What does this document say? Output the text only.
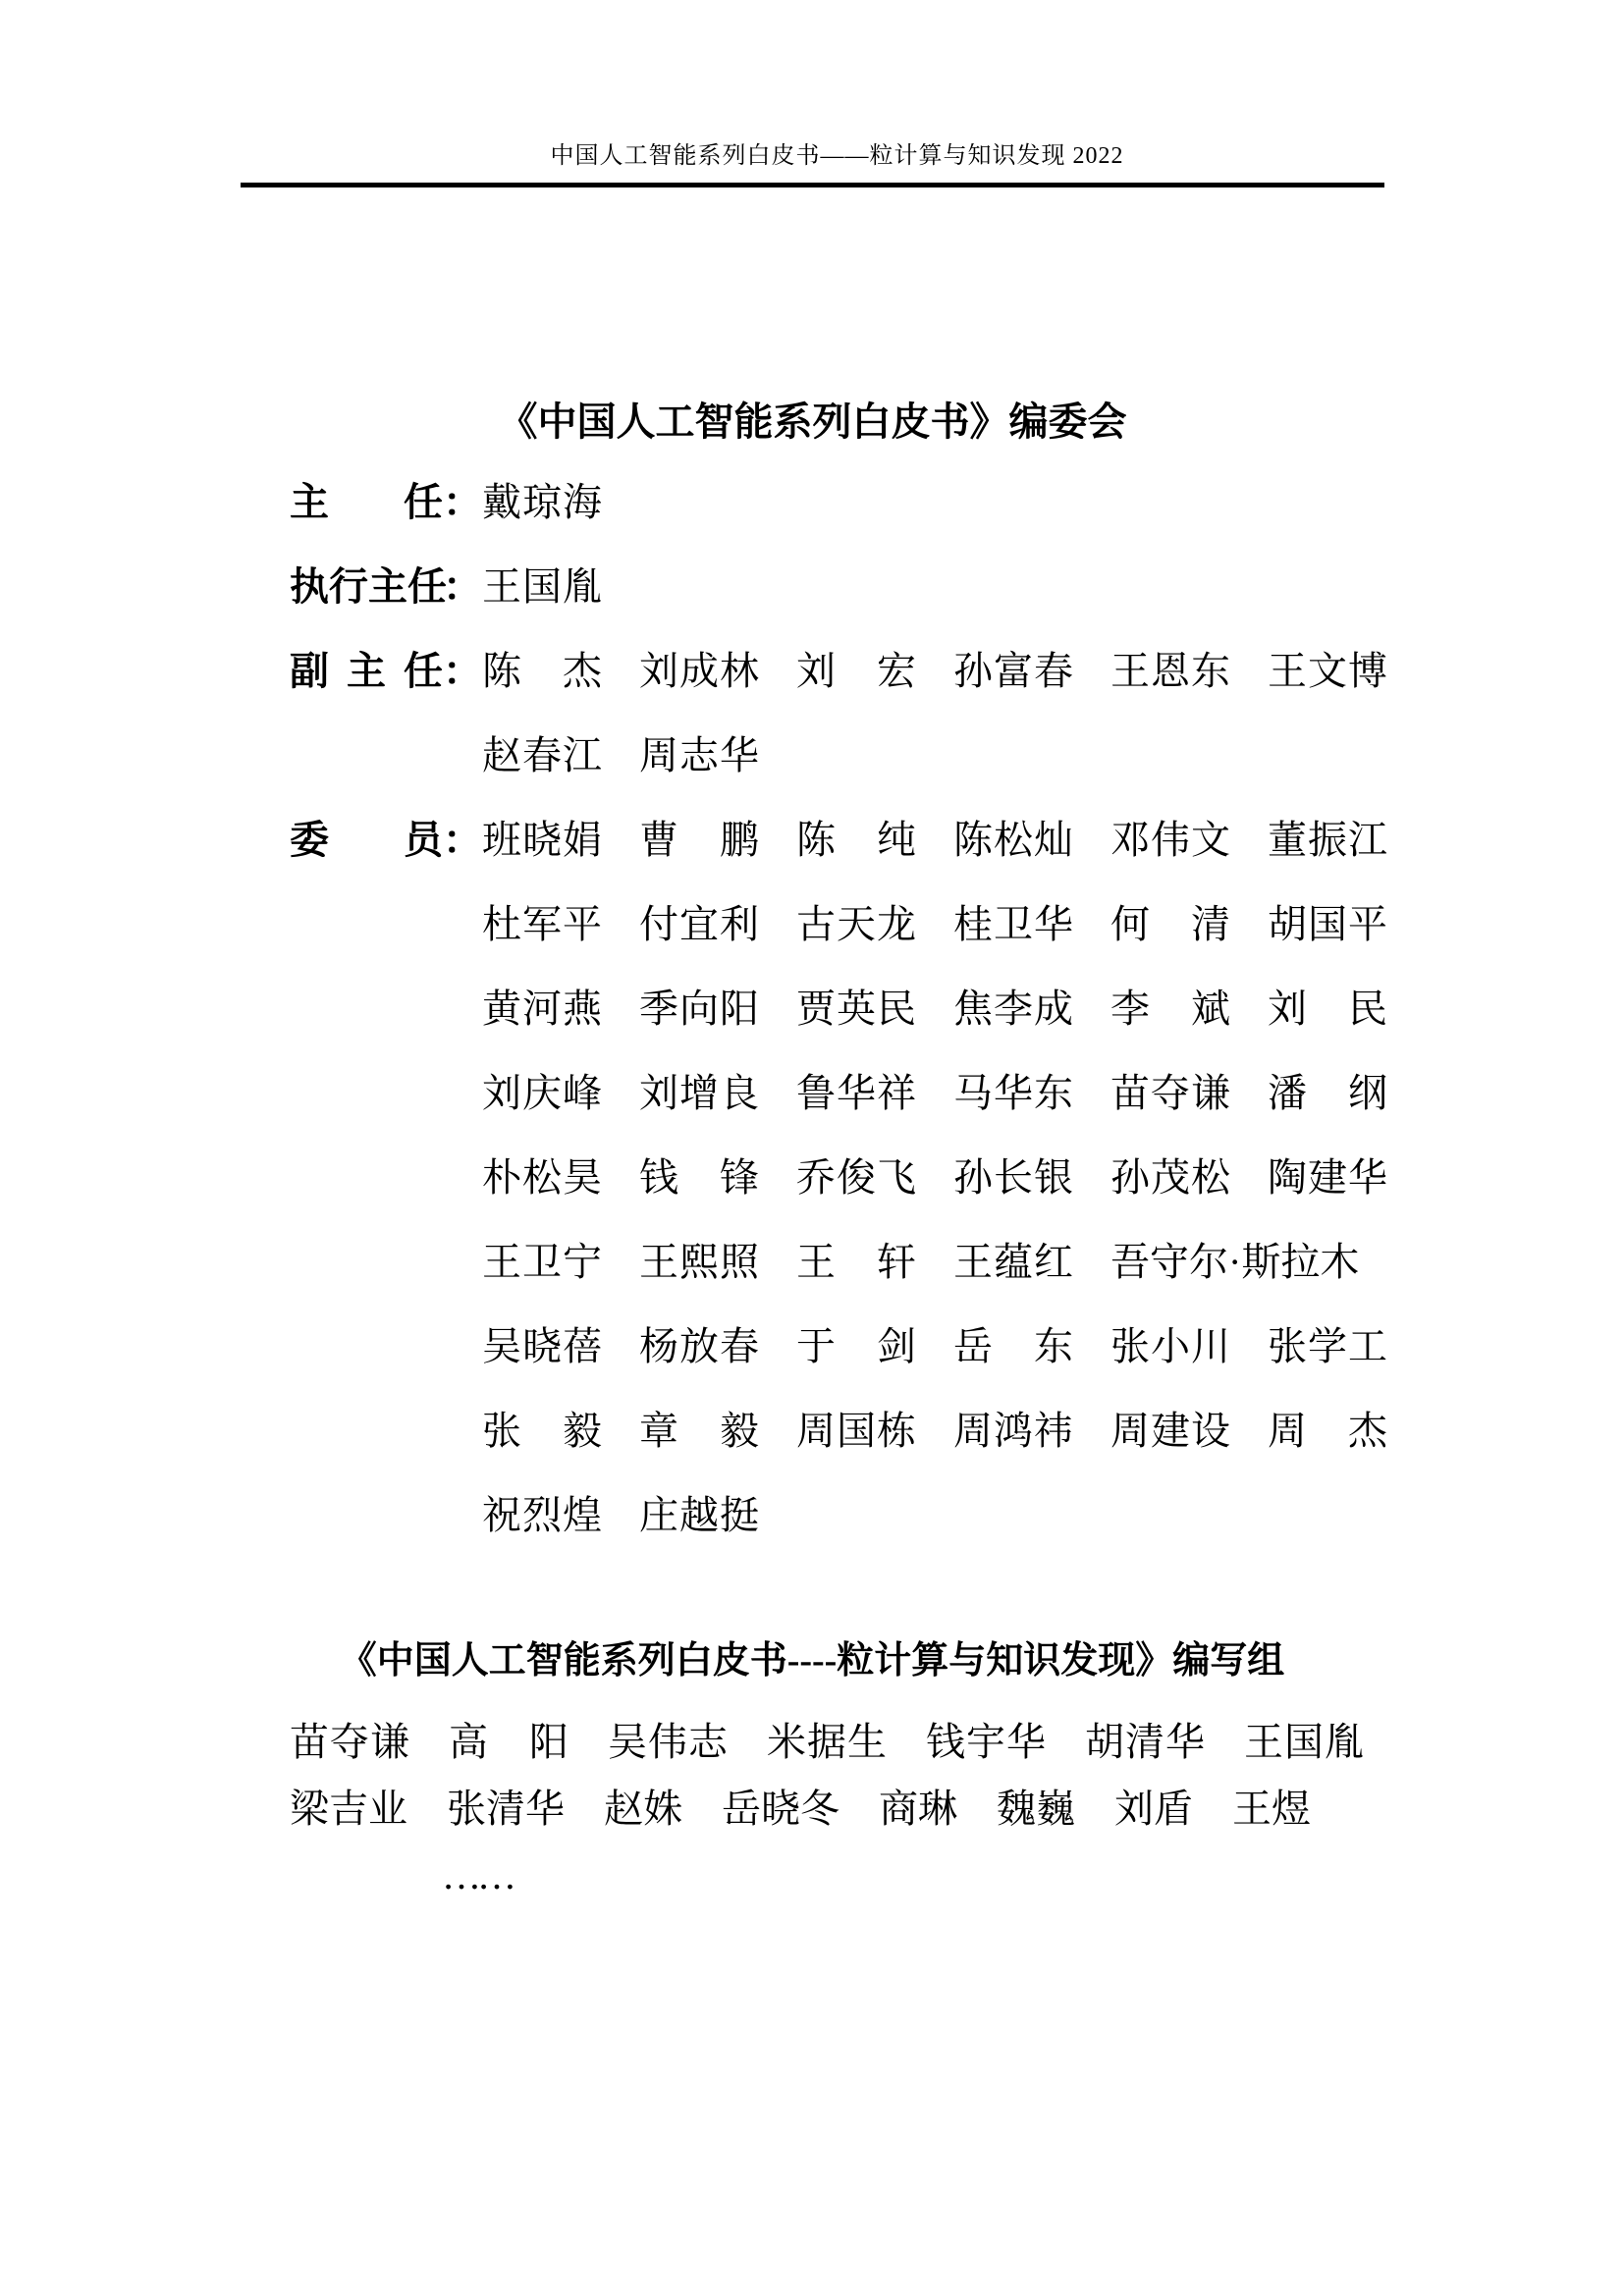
中国人工智能系列白皮书——粒计算与知识发现 2022
《中国人工智能系列白皮书》编委会
主任 ： 戴琼海
执行主任
： 王国胤
副主任 ： 陈杰 刘成林 刘宏 孙富春 王恩东 王文博
赵春江 周志华
委员 ： 班晓娟 曹鹏 陈纯 陈松灿 邓伟文 董振江
杜军平 付宜利 古天龙 桂卫华 何清 胡国平
黄河燕 季向阳 贾英民 焦李成 李斌 刘民
刘庆峰 刘增良 鲁华祥 马华东 苗夺谦 潘纲
朴松昊 钱锋 乔俊飞 孙长银 孙茂松 陶建华
王卫宁 王熙照 王轩 王蕴红 吾守尔·斯拉木
吴晓蓓 杨放春 于剑 岳东 张小川 张学工
张毅 章毅 周国栋 周鸿祎 周建设 周杰
祝烈煌 庄越挺
《中国人工智能系列白皮书----粒计算与知识发现》编写组
苗夺谦 高阳 吴伟志 米据生 钱宇华 胡清华 王国胤
梁吉业 张清华 赵姝 岳晓冬 商琳 魏巍 刘盾 王煜
……
